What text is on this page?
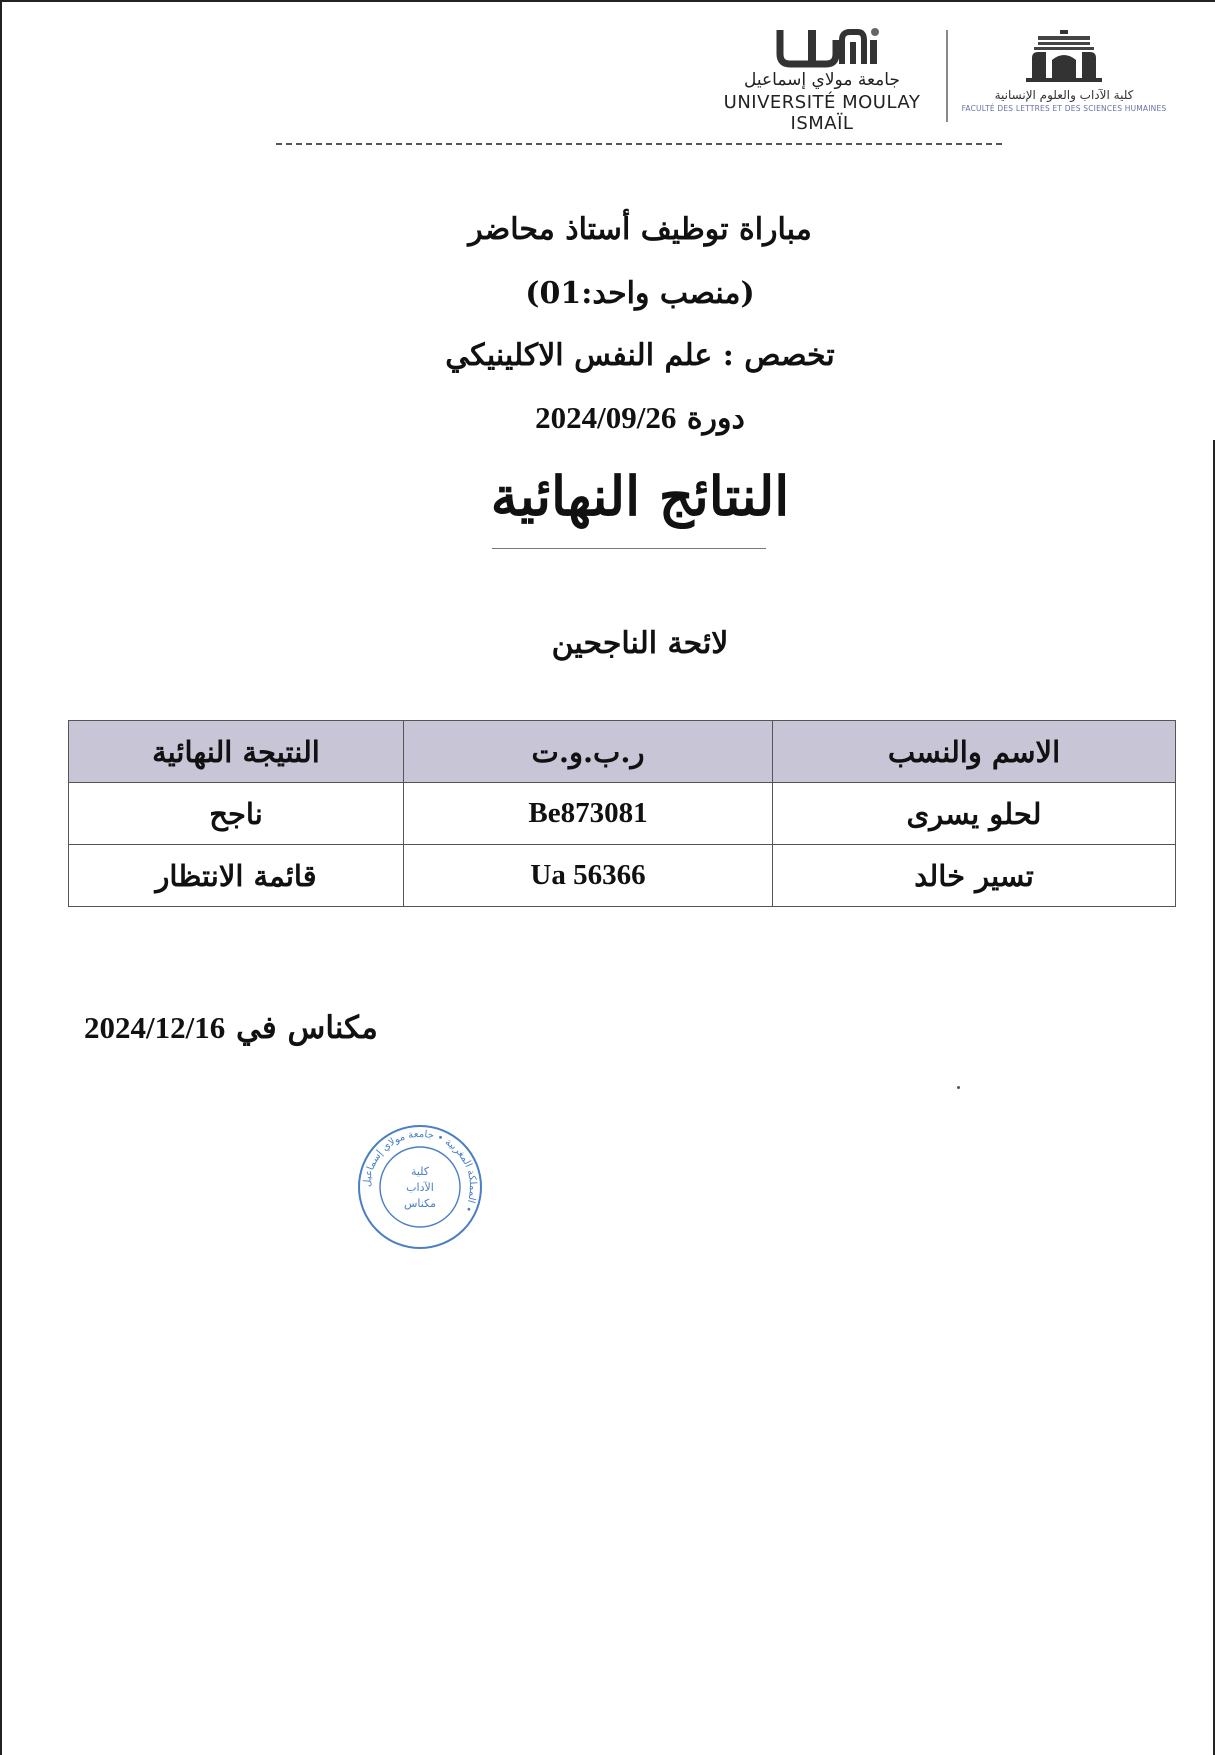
جامعة مولاي إسماعيل
UNIVERSITÉ MOULAY ISMAÏL
كلية الآداب والعلوم الإنسانية
FACULTÉ DES LETTRES ET DES SCIENCES HUMAINES
مباراة توظيف أستاذ محاضر
(منصب واحد:01)
تخصص : علم النفس الاكلينيكي
دورة 2024/09/26
النتائج النهائية
لائحة الناجحين
الاسم والنسب	ر.ب.و.ت	النتيجة النهائية
لحلو يسرى	Be873081	ناجح
تسير خالد	Ua 56366	قائمة الانتظار
مكناس في 2024/12/16
المملكة المغربية • جامعة مولاي إسماعيل •
كلية
الآداب
مكناس
